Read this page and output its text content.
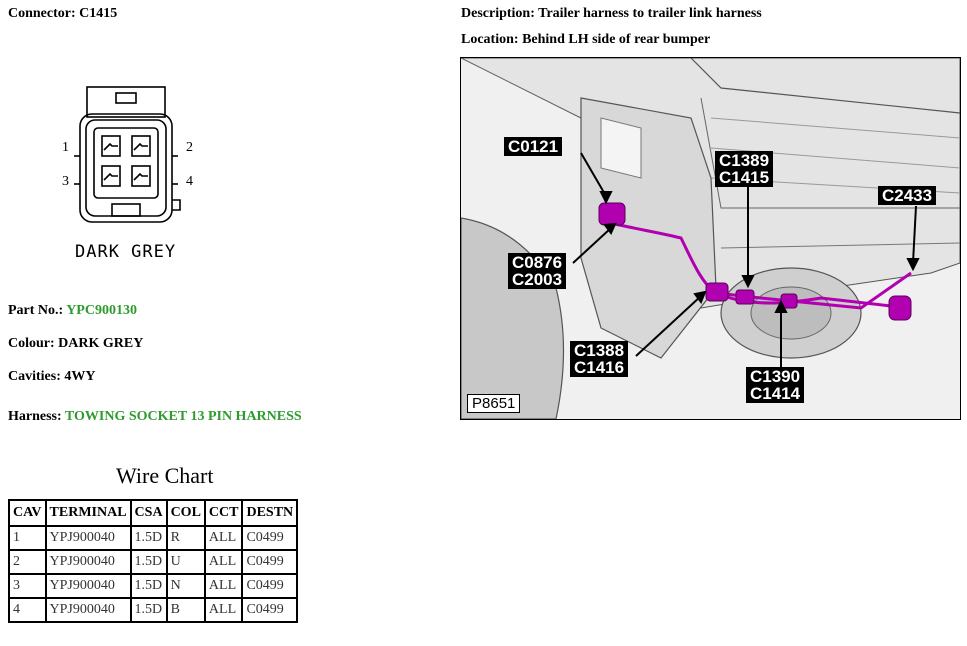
Connector: C1415	Description: Trailer harness to trailer link harness
Location: Behind LH side of rear bumper
1	2
3	4
DARK GREY
Part No.: YPC900130
Colour: DARK GREY
Cavities: 4WY
Harness: TOWING SOCKET 13 PIN HARNESS
Wire Chart
CAV	TERMINAL	CSA	COL	CCT	DESTN
1	YPJ900040	1.5D	R	ALL	C0499
2	YPJ900040	1.5D	U	ALL	C0499
3	YPJ900040	1.5D	N	ALL	C0499
4	YPJ900040	1.5D	B	ALL	C0499
C0121
C1389
C1415
C2433
C0876
C2003
C1388
C1416	C1390
C1414
P8651
